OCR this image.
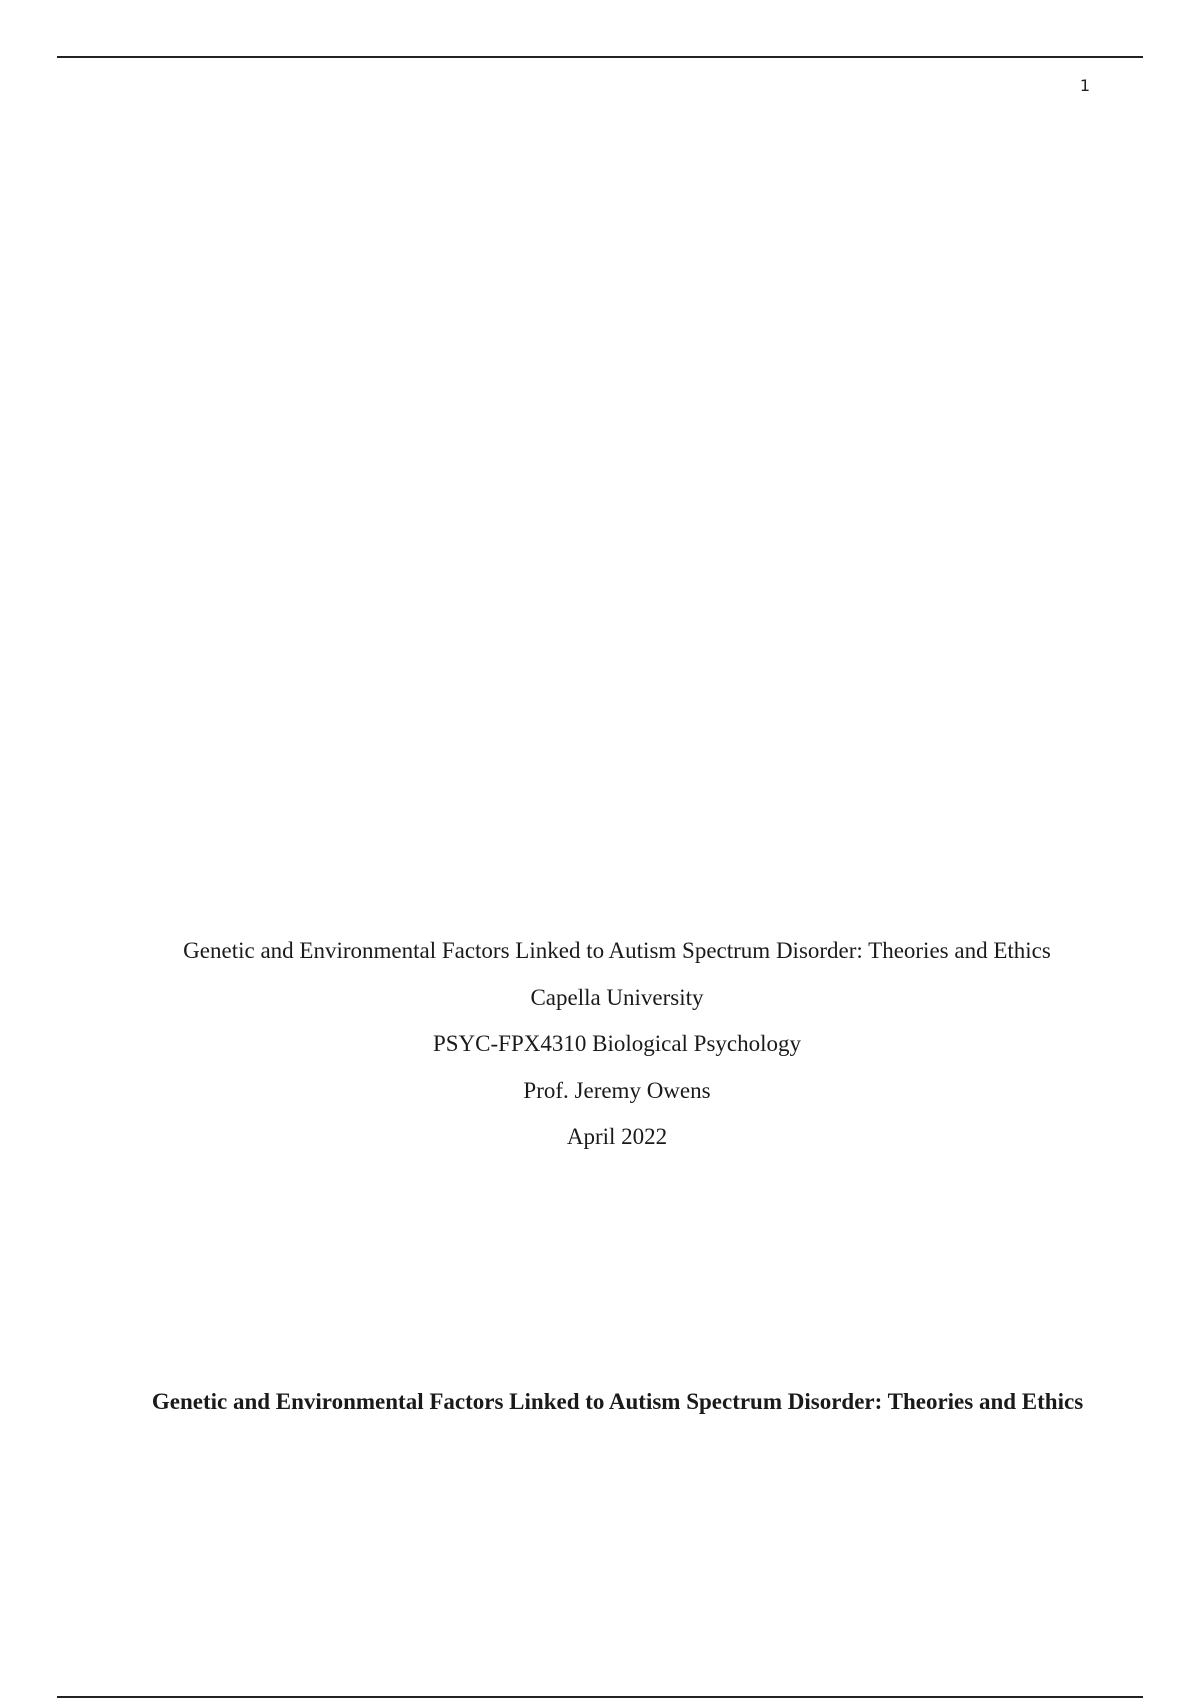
1
Genetic and Environmental Factors Linked to Autism Spectrum Disorder: Theories and Ethics
Capella University
PSYC-FPX4310 Biological Psychology
Prof. Jeremy Owens
April 2022
Genetic and Environmental Factors Linked to Autism Spectrum Disorder: Theories and Ethics
